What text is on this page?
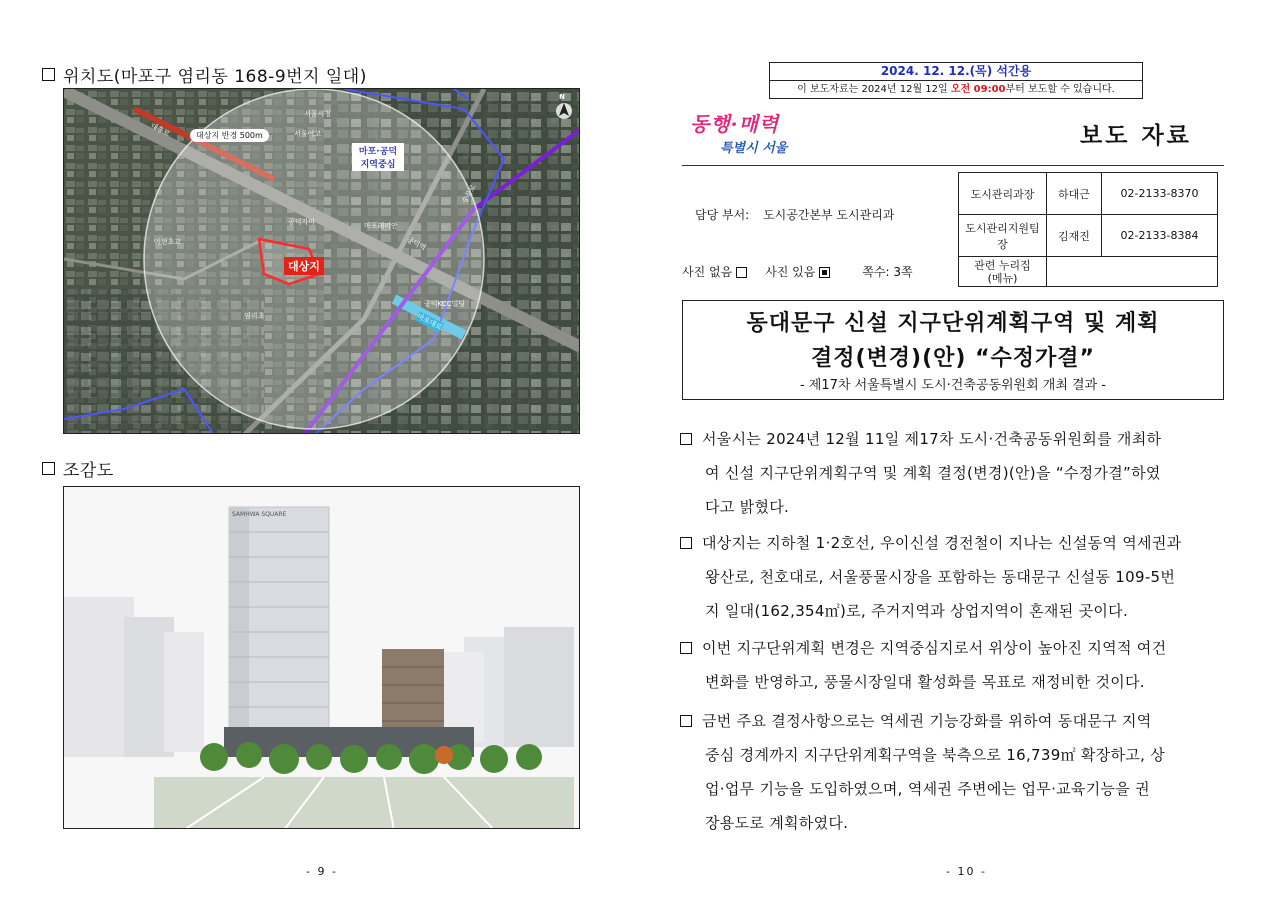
위치도(마포구 염리동 168-9번지 일대)
대상지 반경 500m
대상지
마포·공덕 지역중심
N
대흥로
공덕역
숭문로
마포대로
서울시청
공덕자이	마포래미안
아현초교
염리초
서울여고
공덕KCC빌딩
조감도
SAMHWA SQUARE
- 9 -
2024. 12. 12.(목) 석간용
이 보도자료는 2024년 12월 12일 오전 09:00부터 보도할 수 있습니다.
동행·매력
특별시 서울	보도 자료
담당 부서: 도시공간본부 도시관리과
사진 없음	사진 있음	쪽수: 3쪽
도시관리과장	하대근	02-2133-8370
도시관리지원팀장	김재진	02-2133-8384
관련 누리집 (메뉴)		
동대문구 신설 지구단위계획구역 및 계획
결정(변경)(안) “수정가결”
- 제17차 서울특별시 도시·건축공동위원회 개최 결과 -
서울시는 2024년 12월 11일 제17차 도시·건축공동위원회를 개최하
여 신설 지구단위계획구역 및 계획 결정(변경)(안)을 “수정가결”하였
다고 밝혔다.
대상지는 지하철 1·2호선, 우이신설 경전철이 지나는 신설동역 역세권과
왕산로, 천호대로, 서울풍물시장을 포함하는 동대문구 신설동 109-5번
지 일대(162,354㎡)로, 주거지역과 상업지역이 혼재된 곳이다.
이번 지구단위계획 변경은 지역중심지로서 위상이 높아진 지역적 여건
변화를 반영하고, 풍물시장일대 활성화를 목표로 재정비한 것이다.
금번 주요 결정사항으로는 역세권 기능강화를 위하여 동대문구 지역
중심 경계까지 지구단위계획구역을 북측으로 16,739㎡ 확장하고, 상
업·업무 기능을 도입하였으며, 역세권 주변에는 업무·교육기능을 권
장용도로 계획하였다.
- 10 -
